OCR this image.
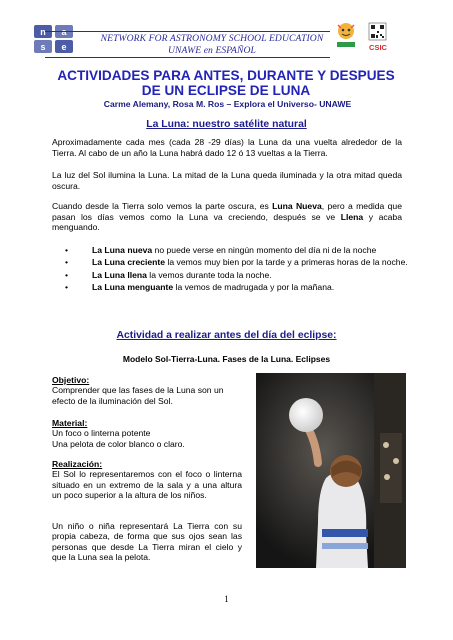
n a
s e
NETWORK FOR ASTRONOMY SCHOOL EDUCATION
UNAWE en ESPAÑOL	CSIC
ACTIVIDADES PARA ANTES, DURANTE Y DESPUES
DE UN ECLIPSE DE LUNA
Carme Alemany, Rosa M. Ros – Explora el Universo- UNAWE
La Luna: nuestro satélite natural
Aproximadamente cada mes (cada 28 -29 días) la Luna da una vuelta alrededor de la Tierra. Al cabo de un año la Luna habrá dado 12 ó 13 vueltas a la Tierra.
La luz del Sol ilumina la Luna. La mitad de la Luna queda iluminada y la otra mitad queda oscura.
Cuando desde la Tierra solo vemos la parte oscura, es Luna Nueva, pero a medida que pasan los días vemos como la Luna va creciendo, después se ve Llena y acaba menguando.
•	La Luna nueva no puede verse en ningún momento del día ni de la noche
•	La Luna creciente la vemos muy bien por la tarde y a primeras horas de la noche.
•	La Luna llena la vemos durante toda la noche.
•	La Luna menguante la vemos de madrugada y por la mañana.
Actividad a realizar antes del día del eclipse:
Modelo Sol-Tierra-Luna. Fases de la Luna. Eclipses
Objetivo:
Comprender que las fases de la Luna son un efecto de la iluminación del Sol.
Material:
Un foco o linterna potente
Una pelota de color blanco o claro.
Realización:
El Sol lo representaremos con el foco o linterna situado en un extremo de la sala y a una altura un poco superior a la altura de los niños.
Un niño o niña representará La Tierra con su propia cabeza, de forma que sus ojos sean las personas que desde La Tierra miran el cielo y que la Luna sea la pelota.
1
